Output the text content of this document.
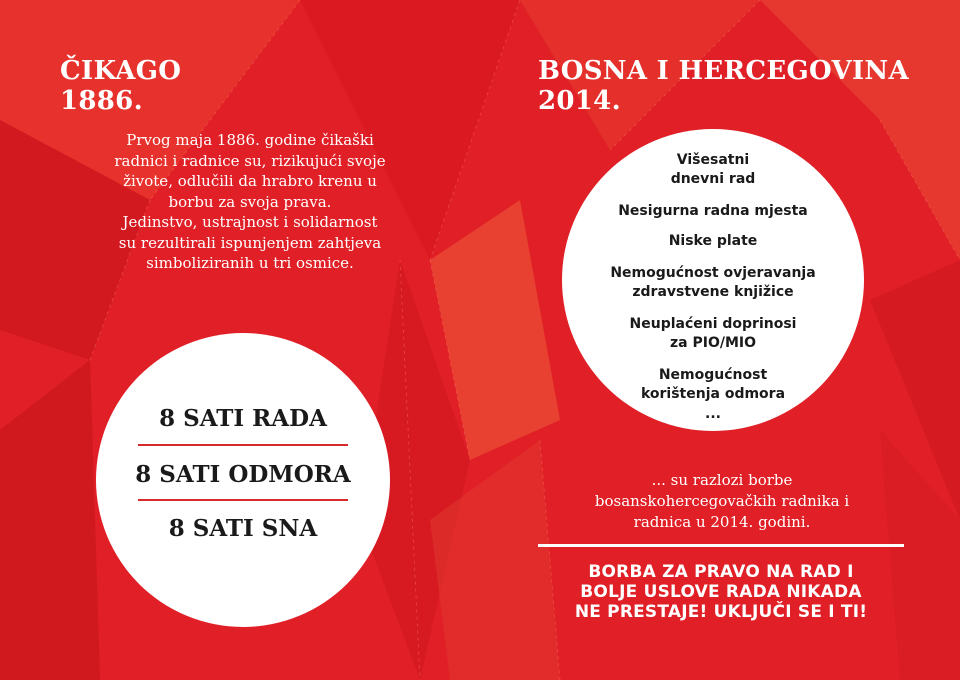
ČIKAGO
1886.
Prvog maja 1886. godine čikaški
radnici i radnice su, rizikujući svoje
živote, odlučili da hrabro krenu u
borbu za svoja prava.
Jedinstvo, ustrajnost i solidarnost
su rezultirali ispunjenjem zahtjeva
simboliziranih u tri osmice.
8 SATI RADA
8 SATI ODMORA
8 SATI SNA
BOSNA I HERCEGOVINA
2014.
Višesatni
dnevni rad
Nesigurna radna mjesta
Niske plate
Nemogućnost ovjeravanja
zdravstvene knjižice
Neuplaćeni doprinosi
za PIO/MIO
Nemogućnost
korištenja odmora
...
... su razlozi borbe
bosanskohercegovačkih radnika i
radnica u 2014. godini.
BORBA ZA PRAVO NA RAD I
BOLJE USLOVE RADA NIKADA
NE PRESTAJE! UKLJUČI SE I TI!
